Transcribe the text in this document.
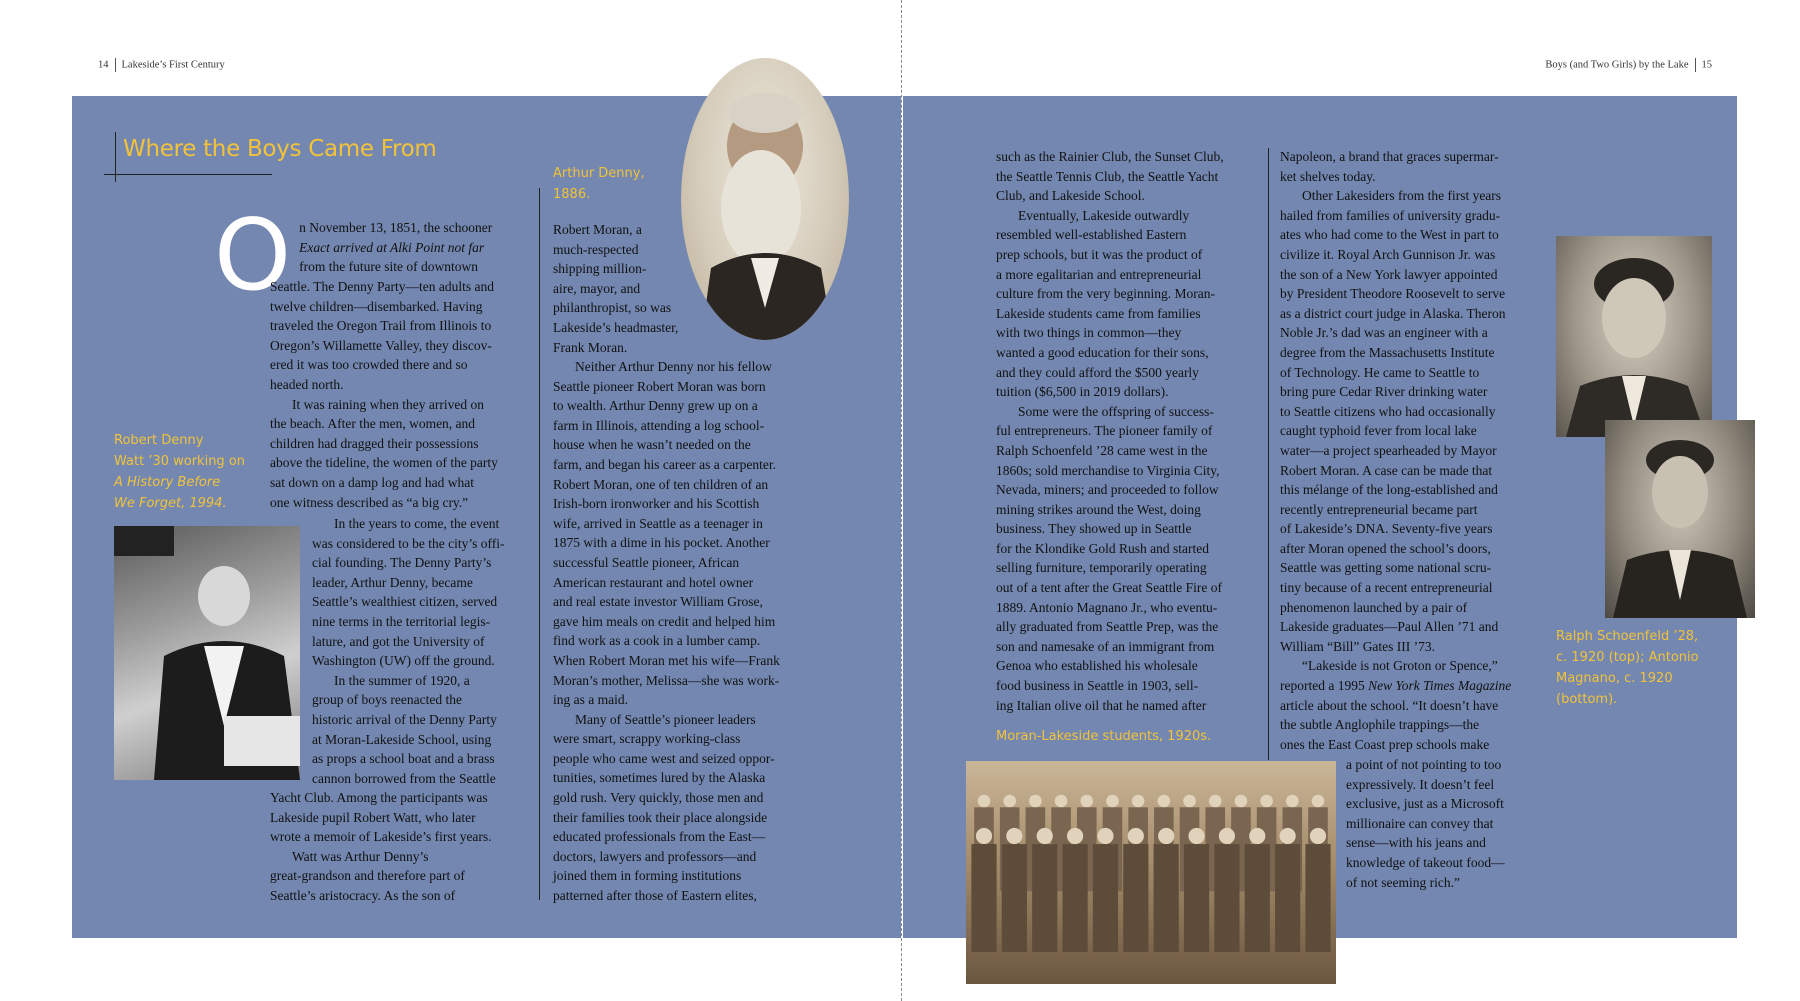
14 Lakeside’s First Century	Boys (and Two Girls) by the Lake 15
Where the Boys Came From
Arthur Denny,
1886.
O n November 13, 1851, the schooner
Exact arrived at Alki Point not far
from the future site of downtown
Seattle. The Denny Party—ten adults and
twelve children—disembarked. Having
traveled the Oregon Trail from Illinois to
Oregon’s Willamette Valley, they discov-
ered it was too crowded there and so
headed north.
It was raining when they arrived on
the beach. After the men, women, and
children had dragged their possessions
above the tideline, the women of the party
sat down on a damp log and had what
one witness described as “a big cry.”
Robert Denny
Watt ’30 working on
A History Before
We Forget, 1994.
In the years to come, the event
was considered to be the city’s offi-
cial founding. The Denny Party’s
leader, Arthur Denny, became
Seattle’s wealthiest citizen, served
nine terms in the territorial legis-
lature, and got the University of
Washington (UW) off the ground.
In the summer of 1920, a
group of boys reenacted the
historic arrival of the Denny Party
at Moran-Lakeside School, using
as props a school boat and a brass
cannon borrowed from the Seattle
Yacht Club. Among the participants was
Lakeside pupil Robert Watt, who later
wrote a memoir of Lakeside’s first years.
Watt was Arthur Denny’s
great-grandson and therefore part of
Seattle’s aristocracy. As the son of
Robert Moran, a
much-respected
shipping million-
aire, mayor, and
philanthropist, so was
Lakeside’s headmaster,
Frank Moran.
Neither Arthur Denny nor his fellow
Seattle pioneer Robert Moran was born
to wealth. Arthur Denny grew up on a
farm in Illinois, attending a log school-
house when he wasn’t needed on the
farm, and began his career as a carpenter.
Robert Moran, one of ten children of an
Irish-born ironworker and his Scottish
wife, arrived in Seattle as a teenager in
1875 with a dime in his pocket. Another
successful Seattle pioneer, African
American restaurant and hotel owner
and real estate investor William Grose,
gave him meals on credit and helped him
find work as a cook in a lumber camp.
When Robert Moran met his wife—Frank
Moran’s mother, Melissa—she was work-
ing as a maid.
Many of Seattle’s pioneer leaders
were smart, scrappy working-class
people who came west and seized oppor-
tunities, sometimes lured by the Alaska
gold rush. Very quickly, those men and
their families took their place alongside
educated professionals from the East—
doctors, lawyers and professors—and
joined them in forming institutions
patterned after those of Eastern elites,
such as the Rainier Club, the Sunset Club,
the Seattle Tennis Club, the Seattle Yacht
Club, and Lakeside School.
Eventually, Lakeside outwardly
resembled well-established Eastern
prep schools, but it was the product of
a more egalitarian and entrepreneurial
culture from the very beginning. Moran-
Lakeside students came from families
with two things in common—they
wanted a good education for their sons,
and they could afford the $500 yearly
tuition ($6,500 in 2019 dollars).
Some were the offspring of success-
ful entrepreneurs. The pioneer family of
Ralph Schoenfeld ’28 came west in the
1860s; sold merchandise to Virginia City,
Nevada, miners; and proceeded to follow
mining strikes around the West, doing
business. They showed up in Seattle
for the Klondike Gold Rush and started
selling furniture, temporarily operating
out of a tent after the Great Seattle Fire of
1889. Antonio Magnano Jr., who eventu-
ally graduated from Seattle Prep, was the
son and namesake of an immigrant from
Genoa who established his wholesale
food business in Seattle in 1903, sell-
ing Italian olive oil that he named after
Moran-Lakeside students, 1920s.
Napoleon, a brand that graces supermar-
ket shelves today.
Other Lakesiders from the first years
hailed from families of university gradu-
ates who had come to the West in part to
civilize it. Royal Arch Gunnison Jr. was
the son of a New York lawyer appointed
by President Theodore Roosevelt to serve
as a district court judge in Alaska. Theron
Noble Jr.’s dad was an engineer with a
degree from the Massachusetts Institute
of Technology. He came to Seattle to
bring pure Cedar River drinking water
to Seattle citizens who had occasionally
caught typhoid fever from local lake
water—a project spearheaded by Mayor
Robert Moran. A case can be made that
this mélange of the long-established and
recently entrepreneurial became part
of Lakeside’s DNA. Seventy-five years
after Moran opened the school’s doors,
Seattle was getting some national scru-
tiny because of a recent entrepreneurial
phenomenon launched by a pair of
Lakeside graduates—Paul Allen ’71 and
William “Bill” Gates III ’73.
“Lakeside is not Groton or Spence,”
reported a 1995 New York Times Magazine
article about the school. “It doesn’t have
the subtle Anglophile trappings—the
ones the East Coast prep schools make
a point of not pointing to too
expressively. It doesn’t feel
exclusive, just as a Microsoft
millionaire can convey that
sense—with his jeans and
knowledge of takeout food—
of not seeming rich.”
Ralph Schoenfeld ’28,
c. 1920 (top); Antonio
Magnano, c. 1920
(bottom).
